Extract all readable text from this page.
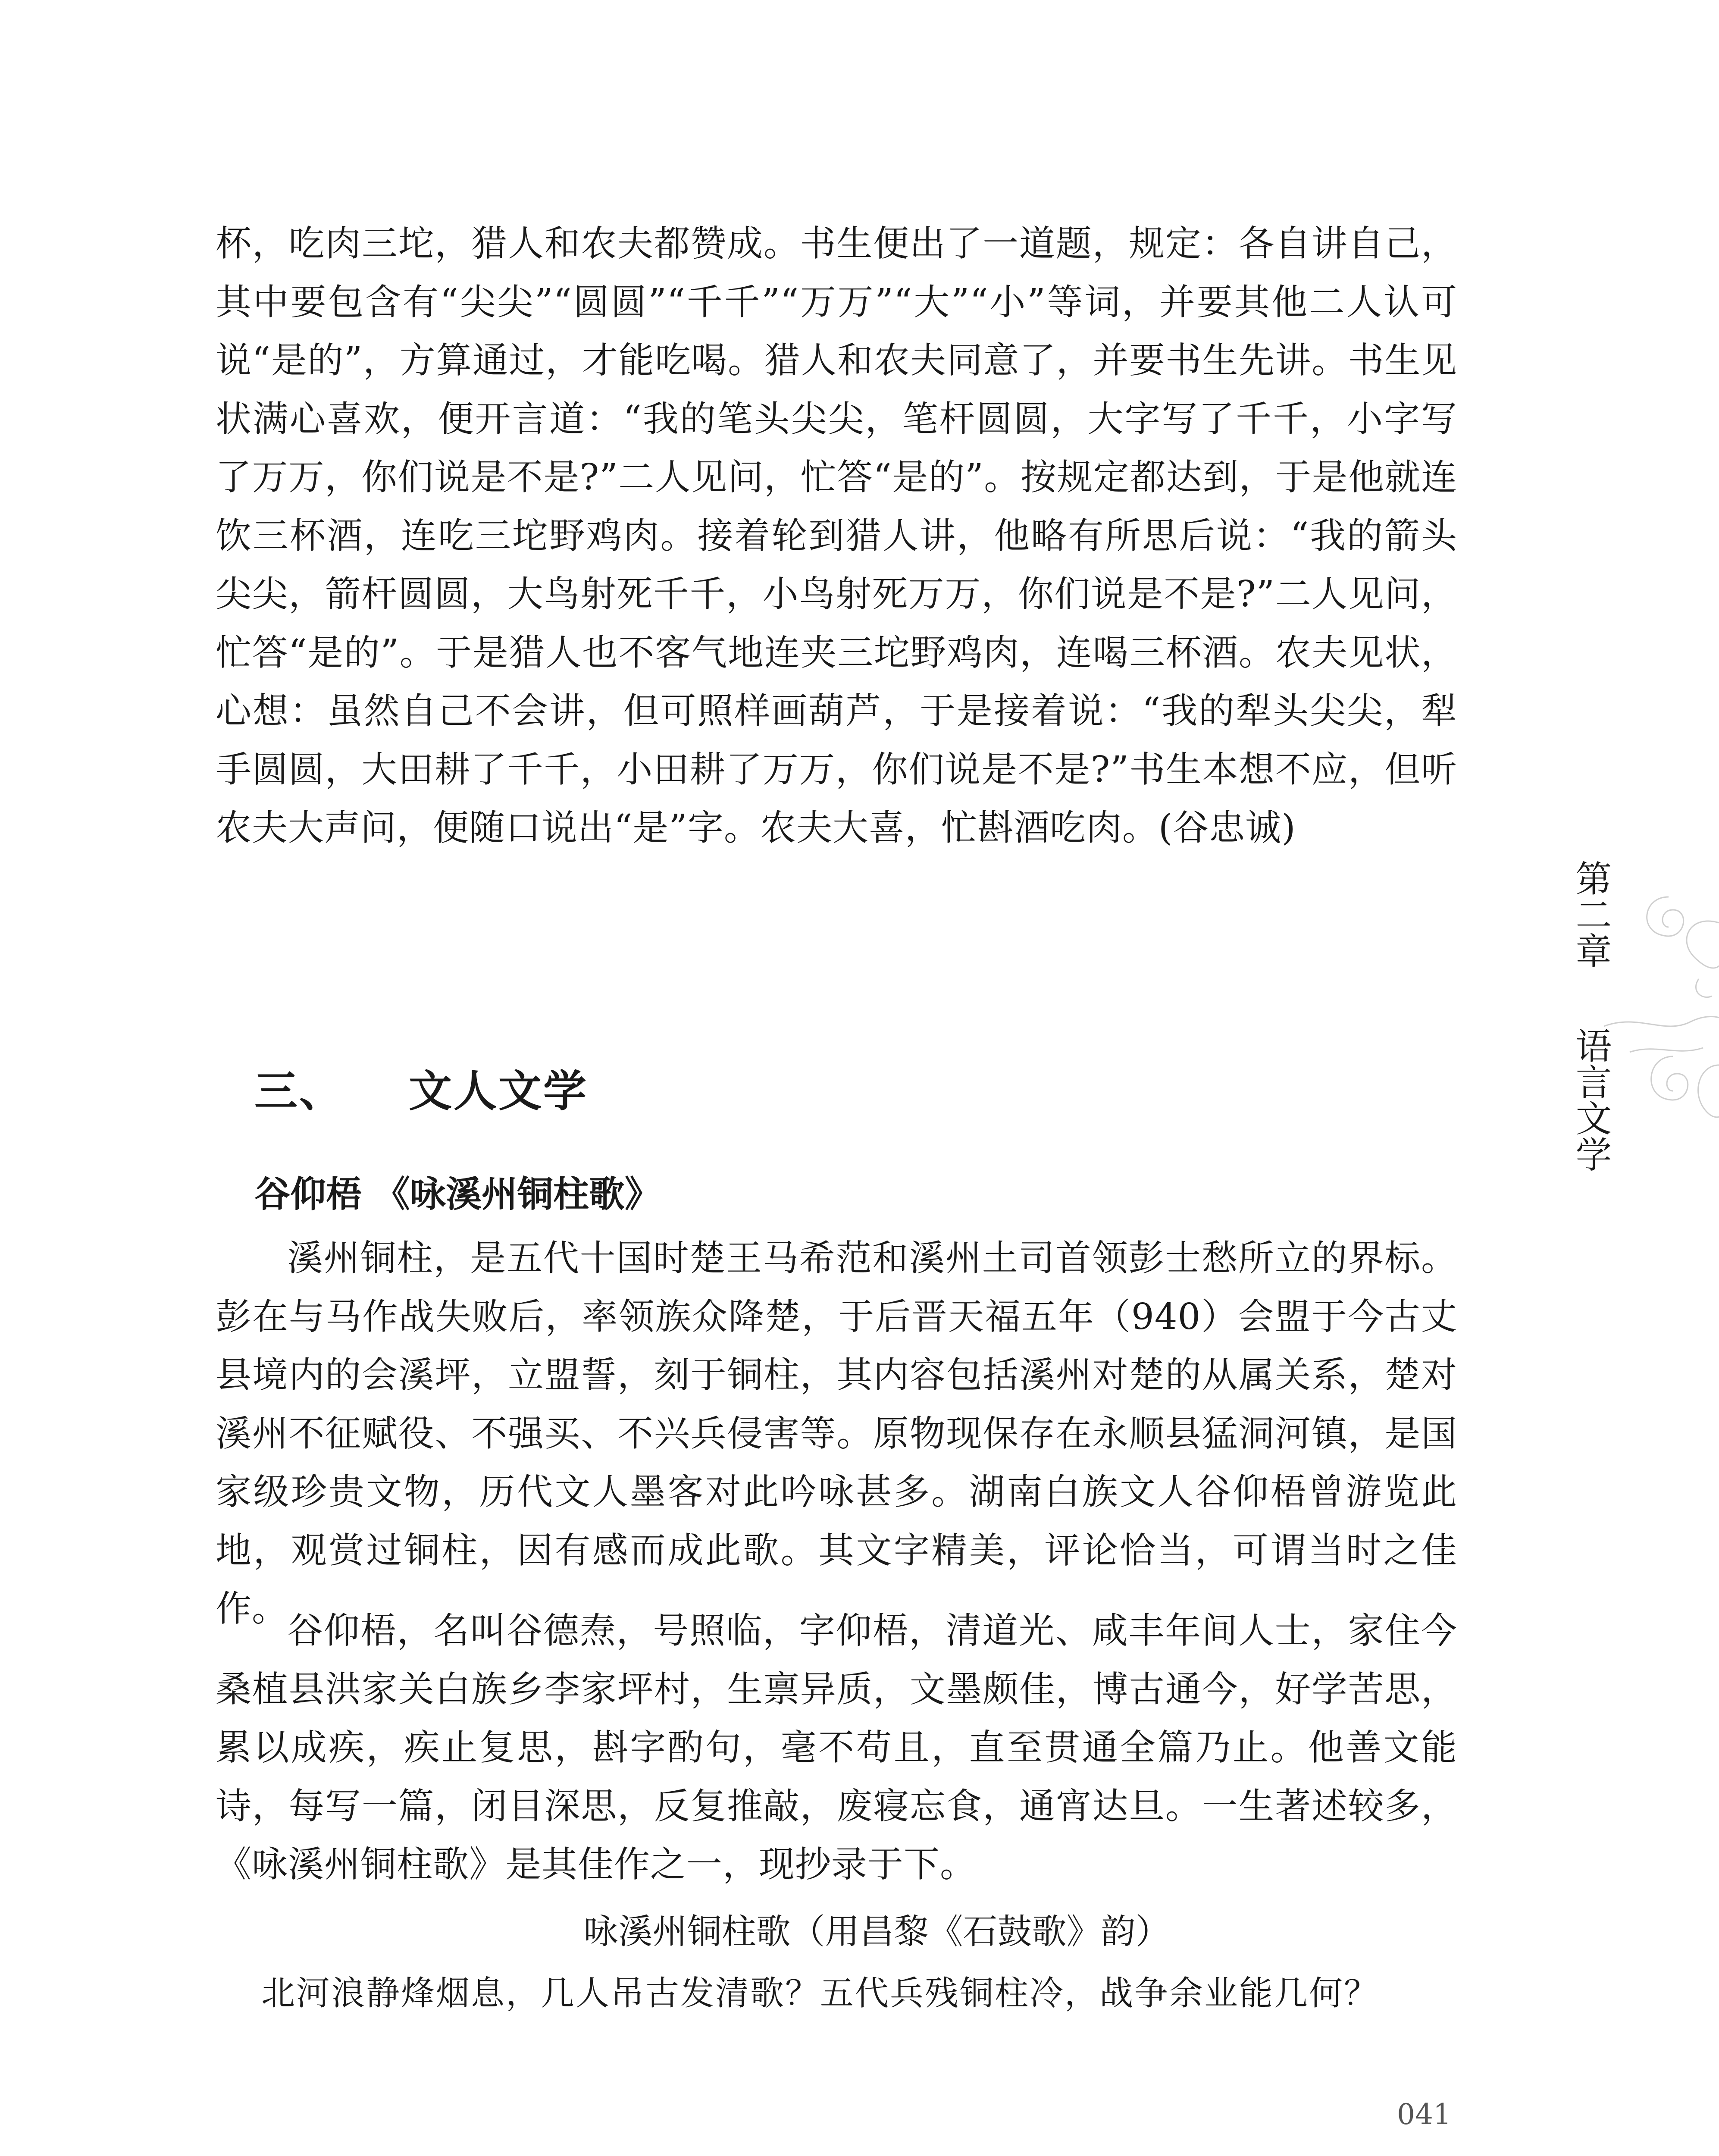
杯，吃肉三坨，猎人和农夫都赞成。书生便出了一道题，规定：各自讲自己，其中要包含有“尖尖”“圆圆”“千千”“万万”“大”“小”等词，并要其他二人认可说“是的”，方算通过，才能吃喝。猎人和农夫同意了，并要书生先讲。书生见状满心喜欢，便开言道：“我的笔头尖尖，笔杆圆圆，大字写了千千，小字写了万万，你们说是不是?”二人见问，忙答“是的”。按规定都达到，于是他就连饮三杯酒，连吃三坨野鸡肉。接着轮到猎人讲，他略有所思后说：“我的箭头尖尖，箭杆圆圆，大鸟射死千千，小鸟射死万万，你们说是不是?”二人见问，忙答“是的”。于是猎人也不客气地连夹三坨野鸡肉，连喝三杯酒。农夫见状，心想：虽然自己不会讲，但可照样画葫芦，于是接着说：“我的犁头尖尖，犁手圆圆，大田耕了千千，小田耕了万万，你们说是不是?”书生本想不应，但听农夫大声问，便随口说出“是”字。农夫大喜，忙斟酒吃肉。(谷忠诚)

三、 文人文学
谷仰梧 《咏溪州铜柱歌》

溪州铜柱，是五代十国时楚王马希范和溪州土司首领彭士愁所立的界标。彭在与马作战失败后，率领族众降楚，于后晋天福五年（940）会盟于今古丈县境内的会溪坪，立盟誓，刻于铜柱，其内容包括溪州对楚的从属关系，楚对溪州不征赋役、不强买、不兴兵侵害等。原物现保存在永顺县猛洞河镇，是国家级珍贵文物，历代文人墨客对此吟咏甚多。湖南白族文人谷仰梧曾游览此地，观赏过铜柱，因有感而成此歌。其文字精美，评论恰当，可谓当时之佳作。

谷仰梧，名叫谷德焘，号照临，字仰梧，清道光、咸丰年间人士，家住今桑植县洪家关白族乡李家坪村，生禀异质，文墨颇佳，博古通今，好学苦思，累以成疾，疾止复思，斟字酌句，毫不苟且，直至贯通全篇乃止。他善文能诗，每写一篇，闭目深思，反复推敲，废寝忘食，通宵达旦。一生著述较多，《咏溪州铜柱歌》是其佳作之一，现抄录于下。

咏溪州铜柱歌（用昌黎《石鼓歌》韵）
北河浪静烽烟息，几人吊古发清歌？五代兵残铜柱冷，战争余业能几何？
041
第二章
语言文学
